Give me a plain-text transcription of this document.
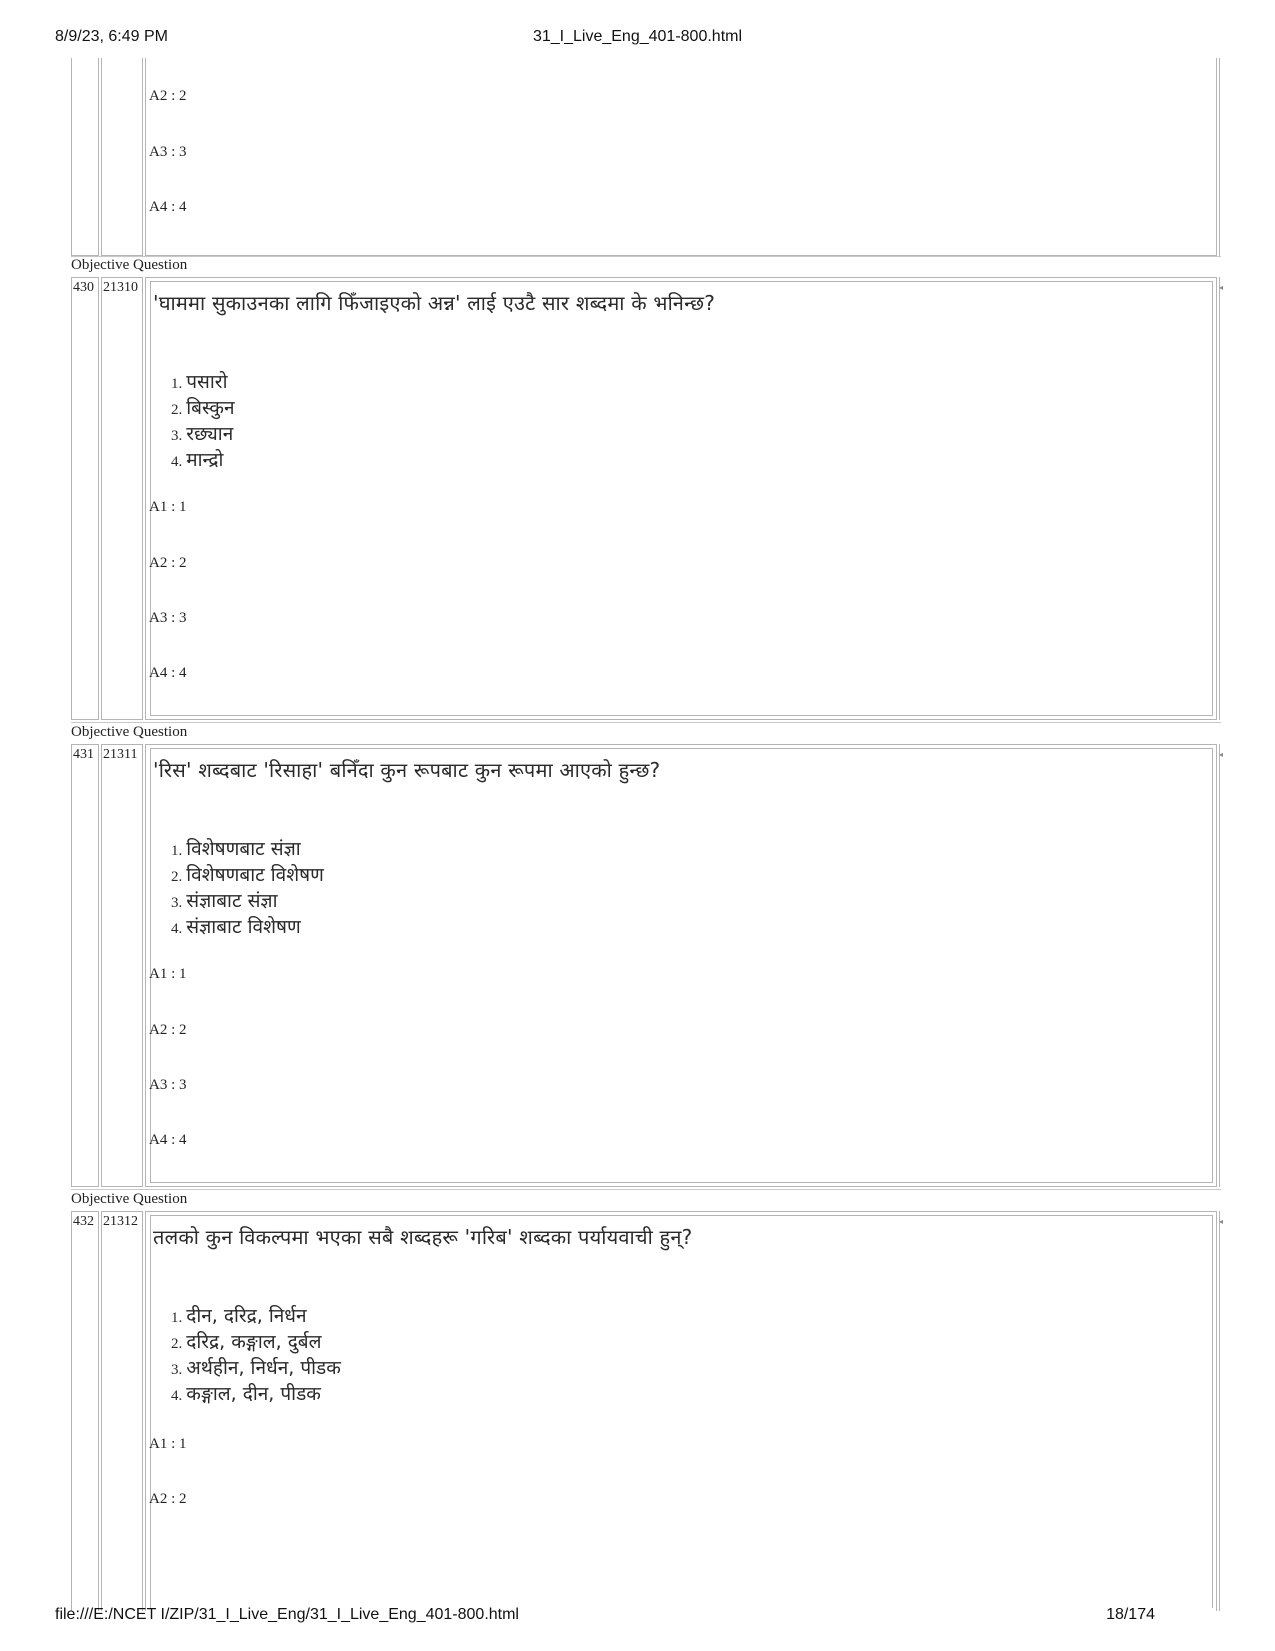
8/9/23, 6:49 PM	31_I_Live_Eng_401-800.html
A2 : 2
A3 : 3
A4 : 4
Objective Question
430 21310	◂
'घाममा सुकाउनका लागि फिँजाइएको अन्न' लाई एउटै सार शब्दमा के भनिन्छ?
1. पसारो
2. बिस्कुन
3. रछ्यान
4. मान्द्रो
A1 : 1
A2 : 2
A3 : 3
A4 : 4
Objective Question
431 21311	◂
'रिस' शब्दबाट 'रिसाहा' बनिँदा कुन रूपबाट कुन रूपमा आएको हुन्छ?
1. विशेषणबाट संज्ञा
2. विशेषणबाट विशेषण
3. संज्ञाबाट संज्ञा
4. संज्ञाबाट विशेषण
A1 : 1
A2 : 2
A3 : 3
A4 : 4
Objective Question
432 21312	◂
तलको कुन विकल्पमा भएका सबै शब्दहरू 'गरिब' शब्दका पर्यायवाची हुन्?
1. दीन, दरिद्र, निर्धन
2. दरिद्र, कङ्गाल, दुर्बल
3. अर्थहीन, निर्धन, पीडक
4. कङ्गाल, दीन, पीडक
A1 : 1
A2 : 2
file:///E:/NCET I/ZIP/31_I_Live_Eng/31_I_Live_Eng_401-800.html	18/174
